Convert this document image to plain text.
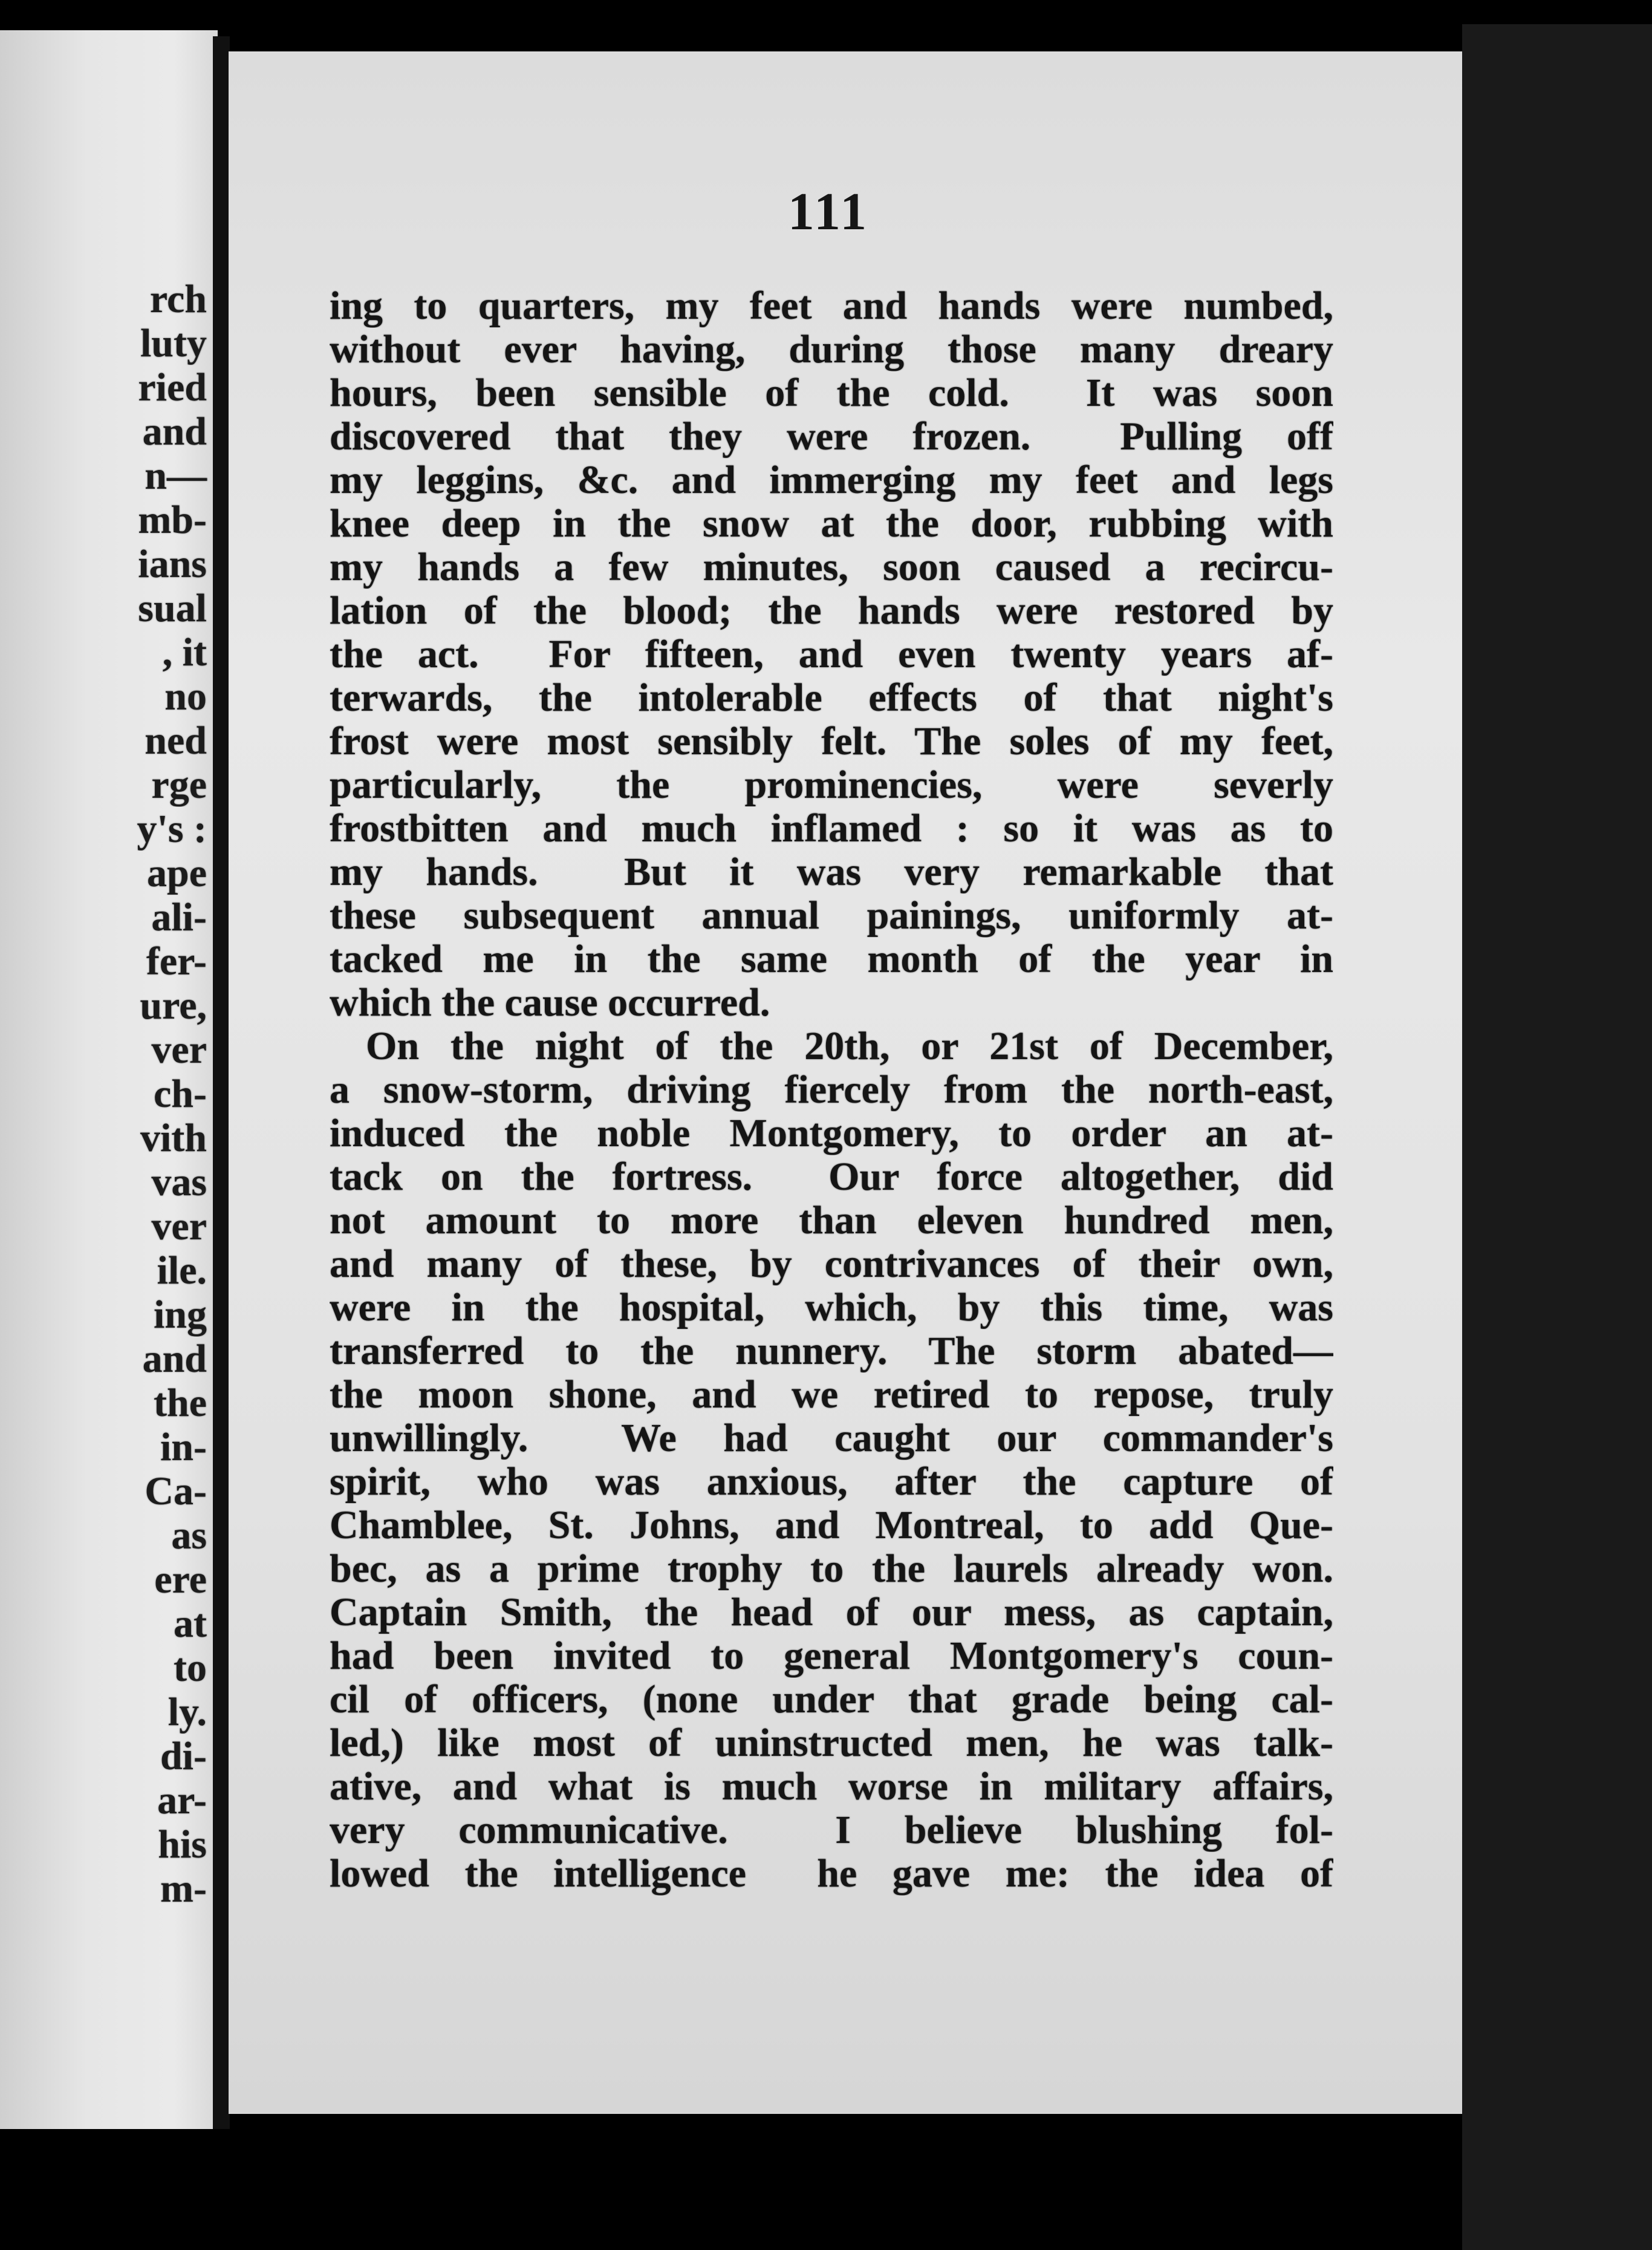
rch
luty
ried
and
n—
mb-
ians
sual
, it
no
ned
rge
y's :
ape
ali-
fer-
ure,
ver
ch-
vith
vas
ver
ile.
ing
and
the
in-
Ca-
as
ere
at
to
ly.
di-
ar-
his
m-
111
ing to quarters, my feet and hands were numbed,
without ever having, during those many dreary
hours, been sensible of the cold.  It was soon
discovered that they were frozen.  Pulling off
my leggins, &c. and immerging my feet and legs
knee deep in the snow at the door, rubbing with
my hands a few minutes, soon caused a recircu-
lation of the blood; the hands were restored by
the act.  For fifteen, and even twenty years af-
terwards, the intolerable effects of that night's
frost were most sensibly felt. The soles of my feet,
particularly, the prominencies, were severly
frostbitten and much inflamed : so it was as to
my hands.  But it was very remarkable that
these subsequent annual painings, uniformly at-
tacked me in the same month of the year in
which the cause occurred.
On the night of the 20th, or 21st of December,
a snow-storm, driving fiercely from the north-east,
induced the noble Montgomery, to order an at-
tack on the fortress.  Our force altogether, did
not amount to more than eleven hundred men,
and many of these, by contrivances of their own,
were in the hospital, which, by this time, was
transferred to the nunnery. The storm abated—
the moon shone, and we retired to repose, truly
unwillingly.  We had caught our commander's
spirit, who was anxious, after the capture of
Chamblee, St. Johns, and Montreal, to add Que-
bec, as a prime trophy to the laurels already won.
Captain Smith, the head of our mess, as captain,
had been invited to general Montgomery's coun-
cil of officers, (none under that grade being cal-
led,) like most of uninstructed men, he was talk-
ative, and what is much worse in military affairs,
very communicative.  I believe blushing fol-
lowed the intelligence  he gave me: the idea of
